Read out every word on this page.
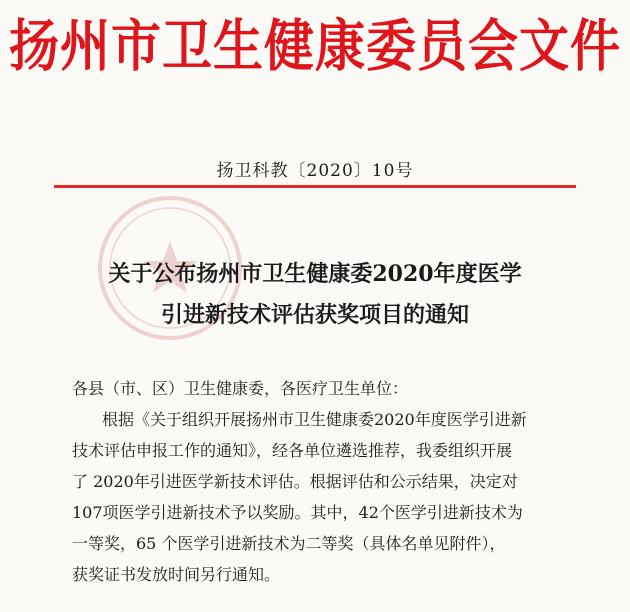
扬州市卫生健康委员会文件
扬卫科教〔2020〕10号
关于公布扬州市卫生健康委2020年度医学
引进新技术评估获奖项目的通知

各县（市、区）卫生健康委，各医疗卫生单位：

根据《关于组织开展扬州市卫生健康委2020年度医学引进新
技术评估申报工作的通知》，经各单位遴选推荐，我委组织开展
了 2020年引进医学新技术评估。根据评估和公示结果，决定对
107项医学引进新技术予以奖励。其中，42个医学引进新技术为
一等奖，65 个医学引进新技术为二等奖（具体名单见附件），
获奖证书发放时间另行通知。
